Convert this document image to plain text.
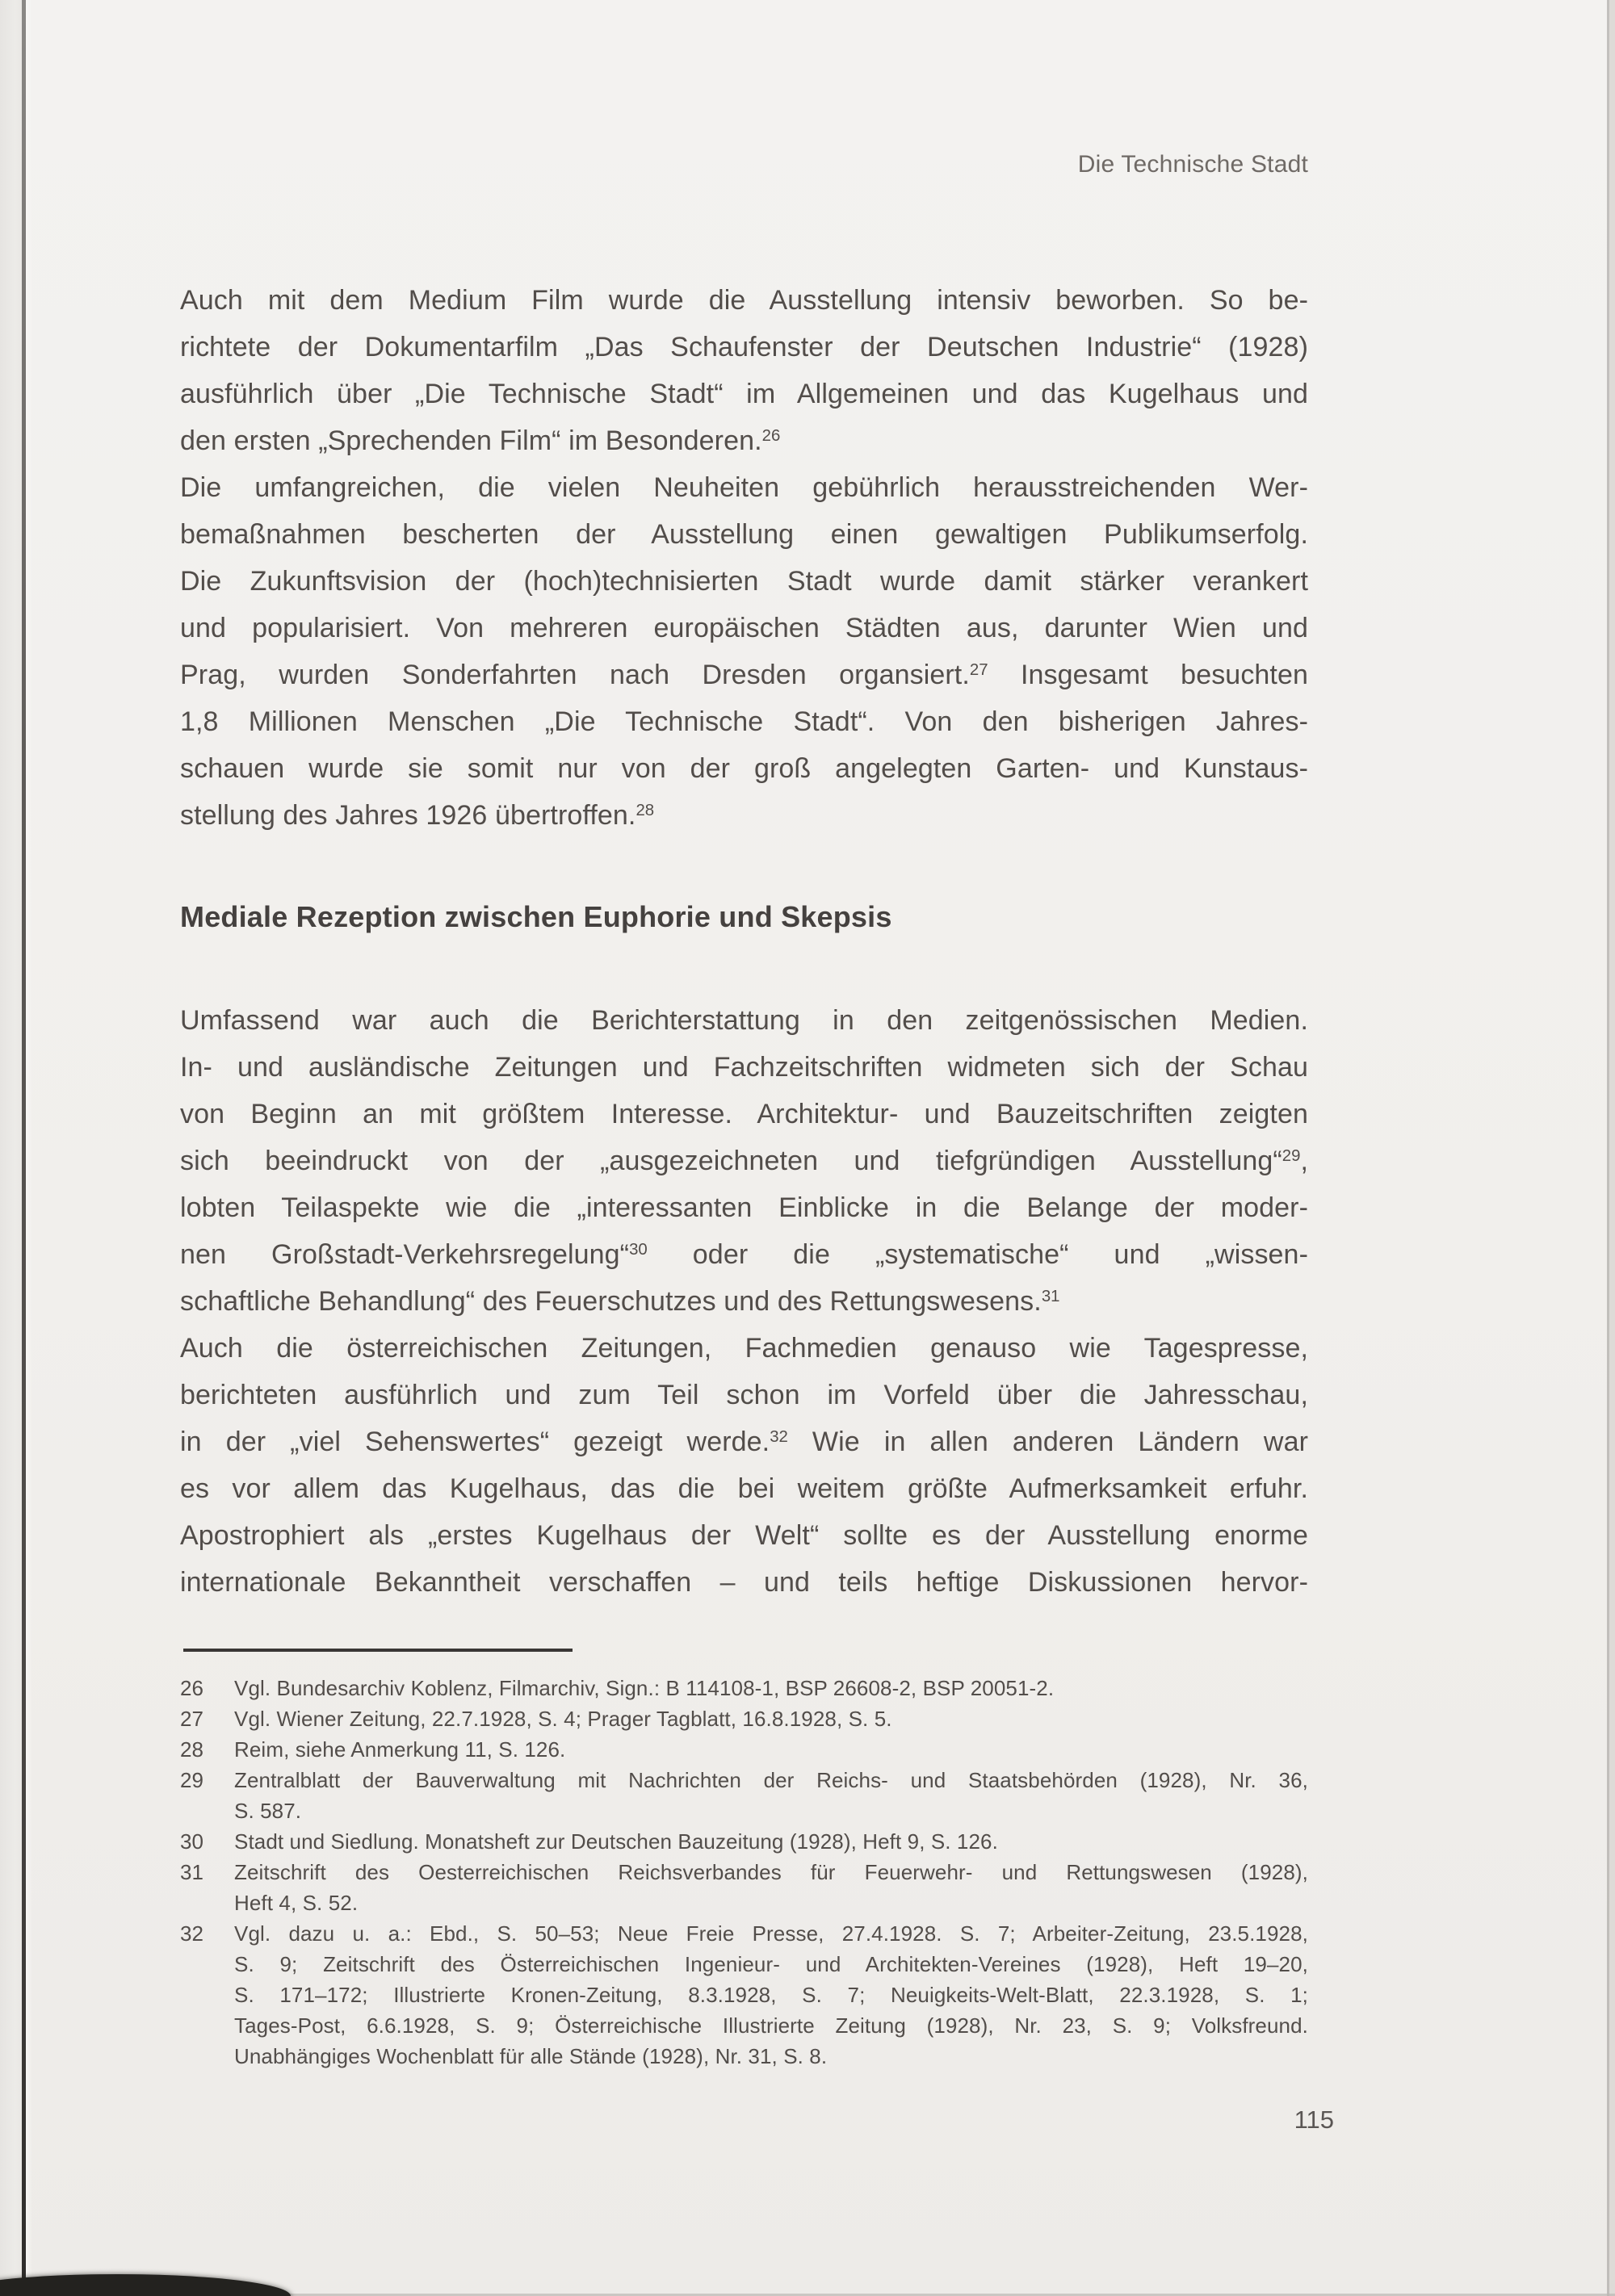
Die Technische Stadt
Auch mit dem Medium Film wurde die Ausstellung intensiv beworben. So be-
richtete der Dokumentarfilm „Das Schaufenster der Deutschen Industrie“ (1928)
ausführlich über „Die Technische Stadt“ im Allgemeinen und das Kugelhaus und
den ersten „Sprechenden Film“ im Besonderen.$^{26}$
Die umfangreichen, die vielen Neuheiten gebührlich herausstreichenden Wer-
bemaßnahmen bescherten der Ausstellung einen gewaltigen Publikumserfolg.
Die Zukunftsvision der (hoch)technisierten Stadt wurde damit stärker verankert
und popularisiert. Von mehreren europäischen Städten aus, darunter Wien und
Prag, wurden Sonderfahrten nach Dresden organsiert.$^{27}$ Insgesamt besuchten
1,8 Millionen Menschen „Die Technische Stadt“. Von den bisherigen Jahres-
schauen wurde sie somit nur von der groß angelegten Garten- und Kunstaus-
stellung des Jahres 1926 übertroffen.$^{28}$
Mediale Rezeption zwischen Euphorie und Skepsis
Umfassend war auch die Berichterstattung in den zeitgenössischen Medien.
In- und ausländische Zeitungen und Fachzeitschriften widmeten sich der Schau
von Beginn an mit größtem Interesse. Architektur- und Bauzeitschriften zeigten
sich beeindruckt von der „ausgezeichneten und tiefgründigen Ausstellung“$^{29}$,
lobten Teilaspekte wie die „interessanten Einblicke in die Belange der moder-
nen Großstadt-Verkehrsregelung“$^{30}$ oder die „systematische“ und „wissen-
schaftliche Behandlung“ des Feuerschutzes und des Rettungswesens.$^{31}$
Auch die österreichischen Zeitungen, Fachmedien genauso wie Tagespresse,
berichteten ausführlich und zum Teil schon im Vorfeld über die Jahresschau,
in der „viel Sehenswertes“ gezeigt werde.$^{32}$ Wie in allen anderen Ländern war
es vor allem das Kugelhaus, das die bei weitem größte Aufmerksamkeit erfuhr.
Apostrophiert als „erstes Kugelhaus der Welt“ sollte es der Ausstellung enorme
internationale Bekanntheit verschaffen – und teils heftige Diskussionen hervor-
26	Vgl. Bundesarchiv Koblenz, Filmarchiv, Sign.: B 114108-1, BSP 26608-2, BSP 20051-2.
27	Vgl. Wiener Zeitung, 22.7.1928, S. 4; Prager Tagblatt, 16.8.1928, S. 5.
28	Reim, siehe Anmerkung 11, S. 126.
29	Zentralblatt der Bauverwaltung mit Nachrichten der Reichs- und Staatsbehörden (1928), Nr. 36,
S. 587.
30	Stadt und Siedlung. Monatsheft zur Deutschen Bauzeitung (1928), Heft 9, S. 126.
31	Zeitschrift des Oesterreichischen Reichsverbandes für Feuerwehr- und Rettungswesen (1928),
Heft 4, S. 52.
32	Vgl. dazu u. a.: Ebd., S. 50–53; Neue Freie Presse, 27.4.1928. S. 7; Arbeiter-Zeitung, 23.5.1928,
S. 9; Zeitschrift des Österreichischen Ingenieur- und Architekten-Vereines (1928), Heft 19–20,
S. 171–172; Illustrierte Kronen-Zeitung, 8.3.1928, S. 7; Neuigkeits-Welt-Blatt, 22.3.1928, S. 1;
Tages-Post, 6.6.1928, S. 9; Österreichische Illustrierte Zeitung (1928), Nr. 23, S. 9; Volksfreund.
Unabhängiges Wochenblatt für alle Stände (1928), Nr. 31, S. 8.
115
